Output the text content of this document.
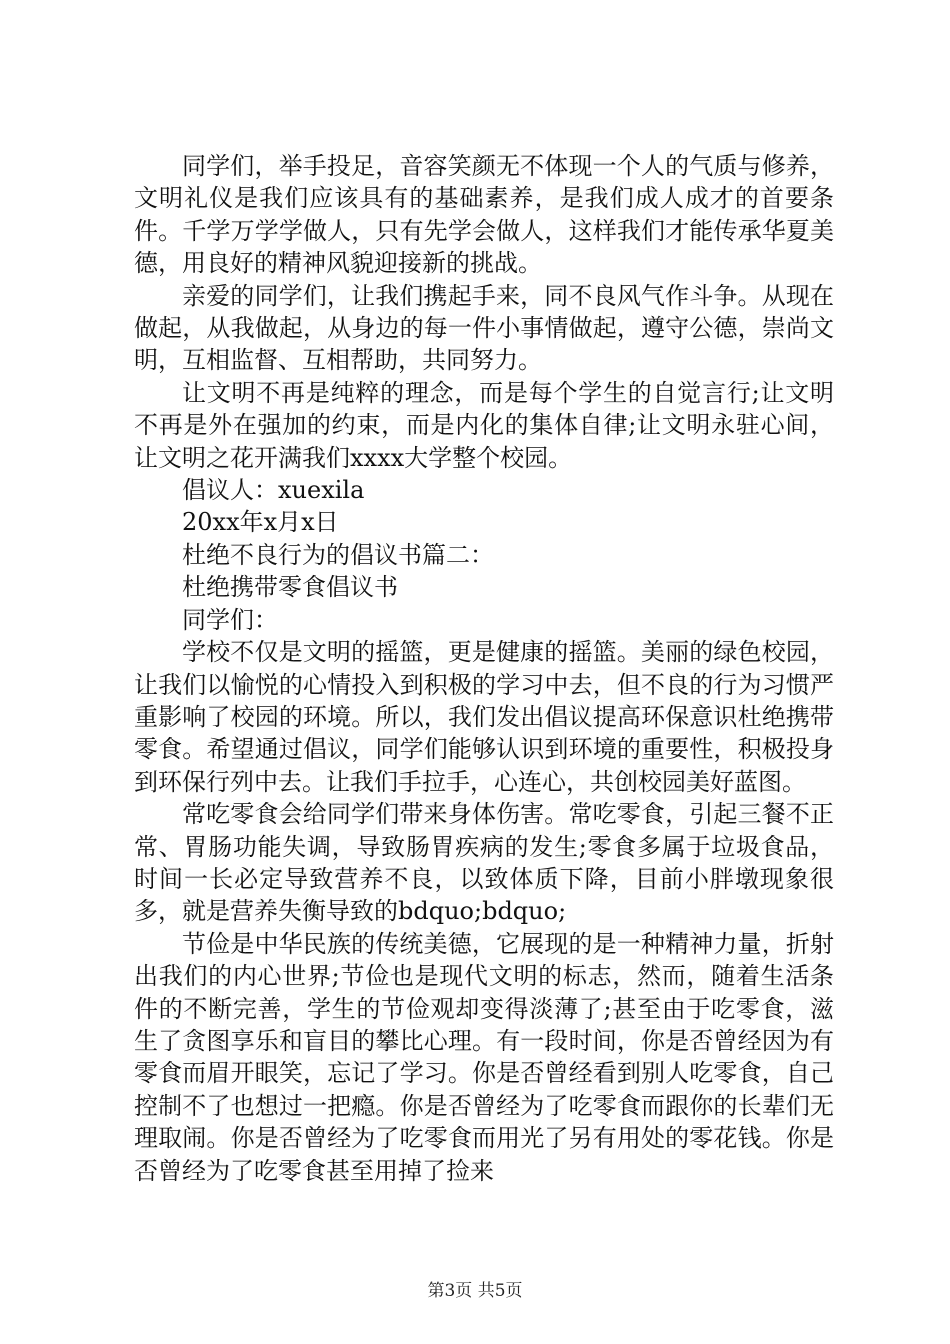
同学们，举手投足，音容笑颜无不体现一个人的气质与修养，文明礼仪是我们应该具有的基础素养，是我们成人成才的首要条件。千学万学学做人，只有先学会做人，这样我们才能传承华夏美德，用良好的精神风貌迎接新的挑战。

亲爱的同学们，让我们携起手来，同不良风气作斗争。从现在做起，从我做起，从身边的每一件小事情做起，遵守公德，崇尚文明，互相监督、互相帮助，共同努力。

让文明不再是纯粹的理念，而是每个学生的自觉言行;让文明不再是外在强加的约束，而是内化的集体自律;让文明永驻心间，让文明之花开满我们xxxx大学整个校园。

倡议人：xuexila

20xx年x月x日

杜绝不良行为的倡议书篇二：

杜绝携带零食倡议书

同学们：

学校不仅是文明的摇篮，更是健康的摇篮。美丽的绿色校园，让我们以愉悦的心情投入到积极的学习中去，但不良的行为习惯严重影响了校园的环境。所以，我们发出倡议提高环保意识杜绝携带零食。希望通过倡议，同学们能够认识到环境的重要性，积极投身到环保行列中去。让我们手拉手，心连心，共创校园美好蓝图。

常吃零食会给同学们带来身体伤害。常吃零食，引起三餐不正常、胃肠功能失调，导致肠胃疾病的发生;零食多属于垃圾食品，时间一长必定导致营养不良，以致体质下降，目前小胖墩现象很多，就是营养失衡导致的bdquo;bdquo;

节俭是中华民族的传统美德，它展现的是一种精神力量，折射出我们的内心世界;节俭也是现代文明的标志，然而，随着生活条件的不断完善，学生的节俭观却变得淡薄了;甚至由于吃零食，滋生了贪图享乐和盲目的攀比心理。有一段时间，你是否曾经因为有零食而眉开眼笑，忘记了学习。你是否曾经看到别人吃零食，自己控制不了也想过一把瘾。你是否曾经为了吃零食而跟你的长辈们无理取闹。你是否曾经为了吃零食而用光了另有用处的零花钱。你是否曾经为了吃零食甚至用掉了捡来

第3页 共5页
